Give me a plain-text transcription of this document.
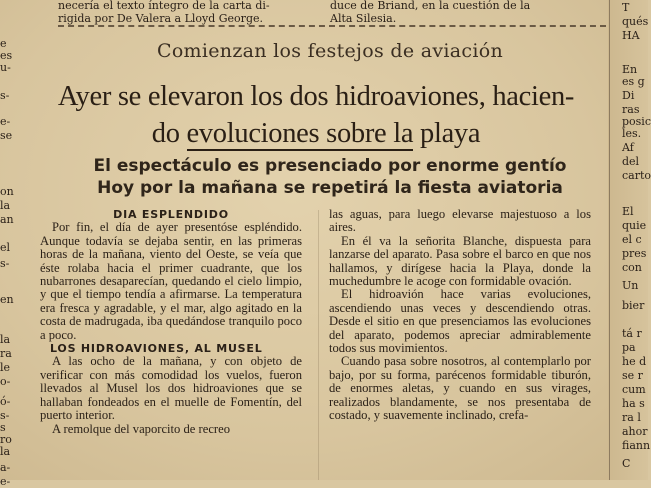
necería el texto íntegro de la carta di-
rigida por De Valera a Lloyd George.
duce de Briand, en la cuestión de la
Alta Silesia.
e
es
u-
s-
e-
se
on
la
an
el
s-
en
la
ra
le
o-
ó-
s-
s
ro
la
a-
e-
T
qués
HA
En
es g
Di
ras
posic
les.
Af
del
carto
El
quie
el c
pres
con
Un
bier
tá r
pa
he d
se r
cum
ha s
ra l
ahor
fiann
C
Comienzan los festejos de aviación
Ayer se elevaron los dos hidroaviones, hacien-
do evoluciones sobre la playa
El espectáculo es presenciado por enorme gentío
Hoy por la mañana se repetirá la fiesta aviatoria
DIA ESPLENDIDO

Por fin, el día de ayer presentóse espléndido. Aunque todavía se dejaba sentir, en las primeras horas de la mañana, viento del Oeste, se veía que éste rolaba hacia el primer cuadrante, que los nubarrones desaparecían, quedando el cielo limpio, y que el tiempo tendía a afirmarse. La temperatura era fresca y agradable, y el mar, algo agitado en la costa de madrugada, iba quedándose tranquilo poco a poco.

LOS HIDROAVIONES, AL MUSEL

A las ocho de la mañana, y con objeto de verificar con más comodidad los vuelos, fueron llevados al Musel los dos hidroaviones que se hallaban fondeados en el muelle de Fomentín, del puerto interior.

A remolque del vaporcito de recreo

las aguas, para luego elevarse majestuoso a los aires.

En él va la señorita Blanche, dispuesta para lanzarse del aparato. Pasa sobre el barco en que nos hallamos, y dirígese hacia la Playa, donde la muchedumbre le acoge con formidable ovación.

El hidroavión hace varias evoluciones, ascendiendo unas veces y descendiendo otras. Desde el sitio en que presenciamos las evoluciones del aparato, podemos apreciar admirablemente todos sus movimientos.

Cuando pasa sobre nosotros, al contemplarlo por bajo, por su forma, parécenos formidable tiburón, de enormes aletas, y cuando en sus virages, realizados blandamente, se nos presentaba de costado, y suavemente inclinado, crefa-
